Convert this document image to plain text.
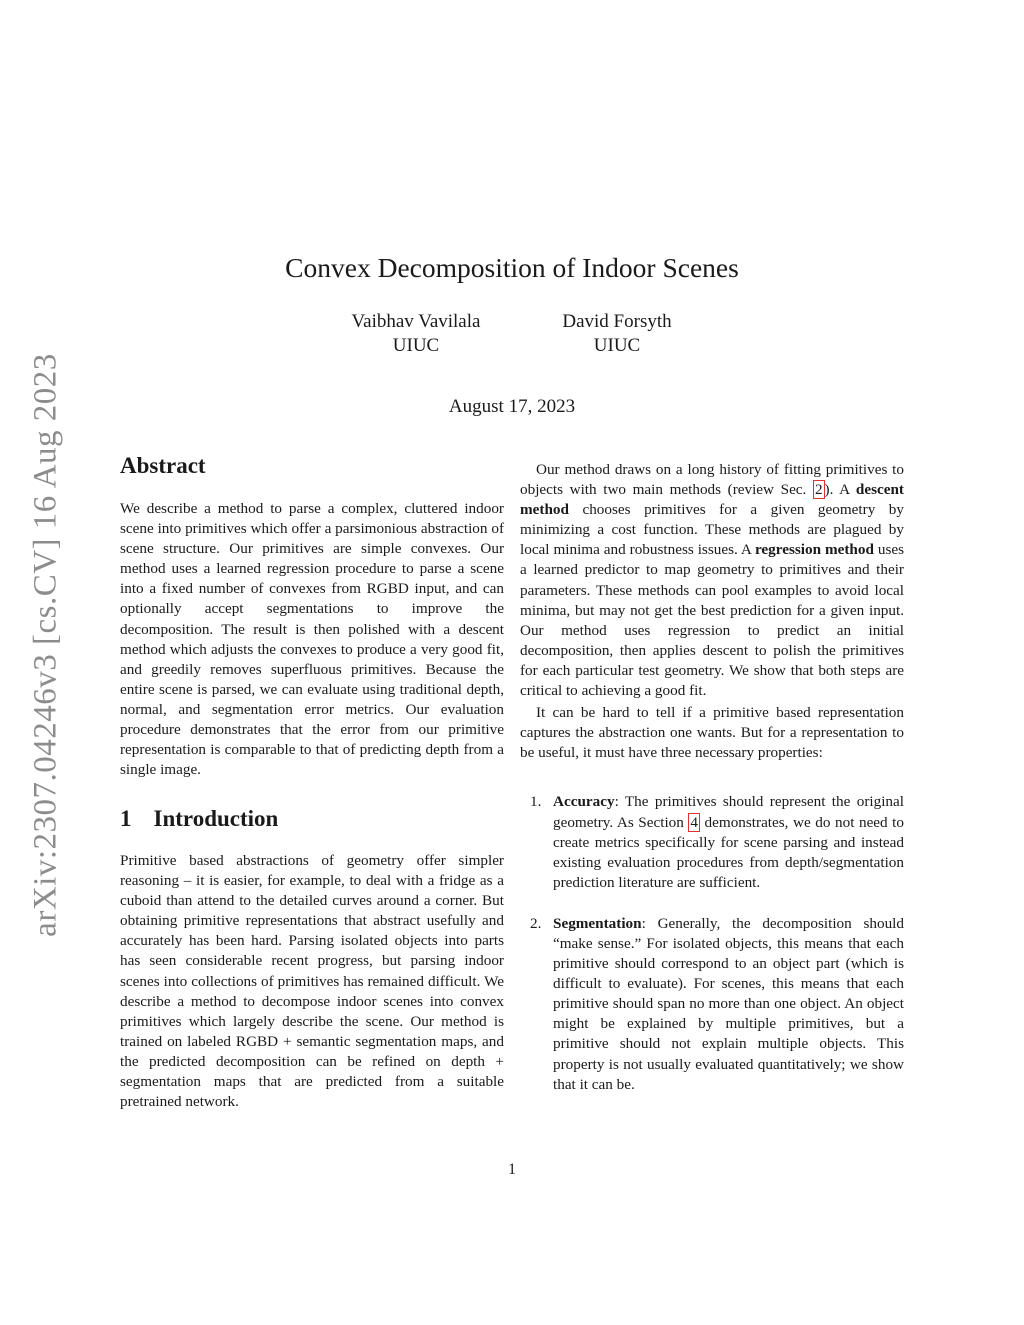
arXiv:2307.04246v3 [cs.CV] 16 Aug 2023
Convex Decomposition of Indoor Scenes
Vaibhav Vavilala
UIUC
David Forsyth
UIUC
August 17, 2023
Abstract

We describe a method to parse a complex, cluttered indoor scene into primitives which offer a parsimonious abstraction of scene structure. Our primitives are simple convexes. Our method uses a learned regression procedure to parse a scene into a fixed number of convexes from RGBD input, and can optionally accept segmentations to improve the decomposition. The result is then polished with a descent method which adjusts the convexes to produce a very good fit, and greedily removes superfluous primitives. Because the entire scene is parsed, we can evaluate using traditional depth, normal, and segmentation error metrics. Our evaluation procedure demonstrates that the error from our primitive representation is comparable to that of predicting depth from a single image.

1 Introduction

Primitive based abstractions of geometry offer simpler reasoning – it is easier, for example, to deal with a fridge as a cuboid than attend to the detailed curves around a corner. But obtaining primitive representations that abstract usefully and accurately has been hard. Parsing isolated objects into parts has seen considerable recent progress, but parsing indoor scenes into collections of primitives has remained difficult. We describe a method to decompose indoor scenes into convex primitives which largely describe the scene. Our method is trained on labeled RGBD + semantic segmentation maps, and the predicted decomposition can be refined on depth + segmentation maps that are predicted from a suitable pretrained network.

Our method draws on a long history of fitting primitives to objects with two main methods (review Sec. 2 ). A descent method chooses primitives for a given geometry by minimizing a cost function. These methods are plagued by local minima and robustness issues. A regression method uses a learned predictor to map geometry to primitives and their parameters. These methods can pool examples to avoid local minima, but may not get the best prediction for a given input. Our method uses regression to predict an initial decomposition, then applies descent to polish the primitives for each particular test geometry. We show that both steps are critical to achieving a good fit.

It can be hard to tell if a primitive based representation captures the abstraction one wants. But for a representation to be useful, it must have three necessary properties:

1. Accuracy: The primitives should represent the original geometry. As Section 4 demonstrates, we do not need to create metrics specifically for scene parsing and instead existing evaluation procedures from depth/segmentation prediction literature are sufficient.
2. Segmentation: Generally, the decomposition should “make sense.” For isolated objects, this means that each primitive should correspond to an object part (which is difficult to evaluate). For scenes, this means that each primitive should span no more than one object. An object might be explained by multiple primitives, but a primitive should not explain multiple objects. This property is not usually evaluated quantitatively; we show that it can be.
1
